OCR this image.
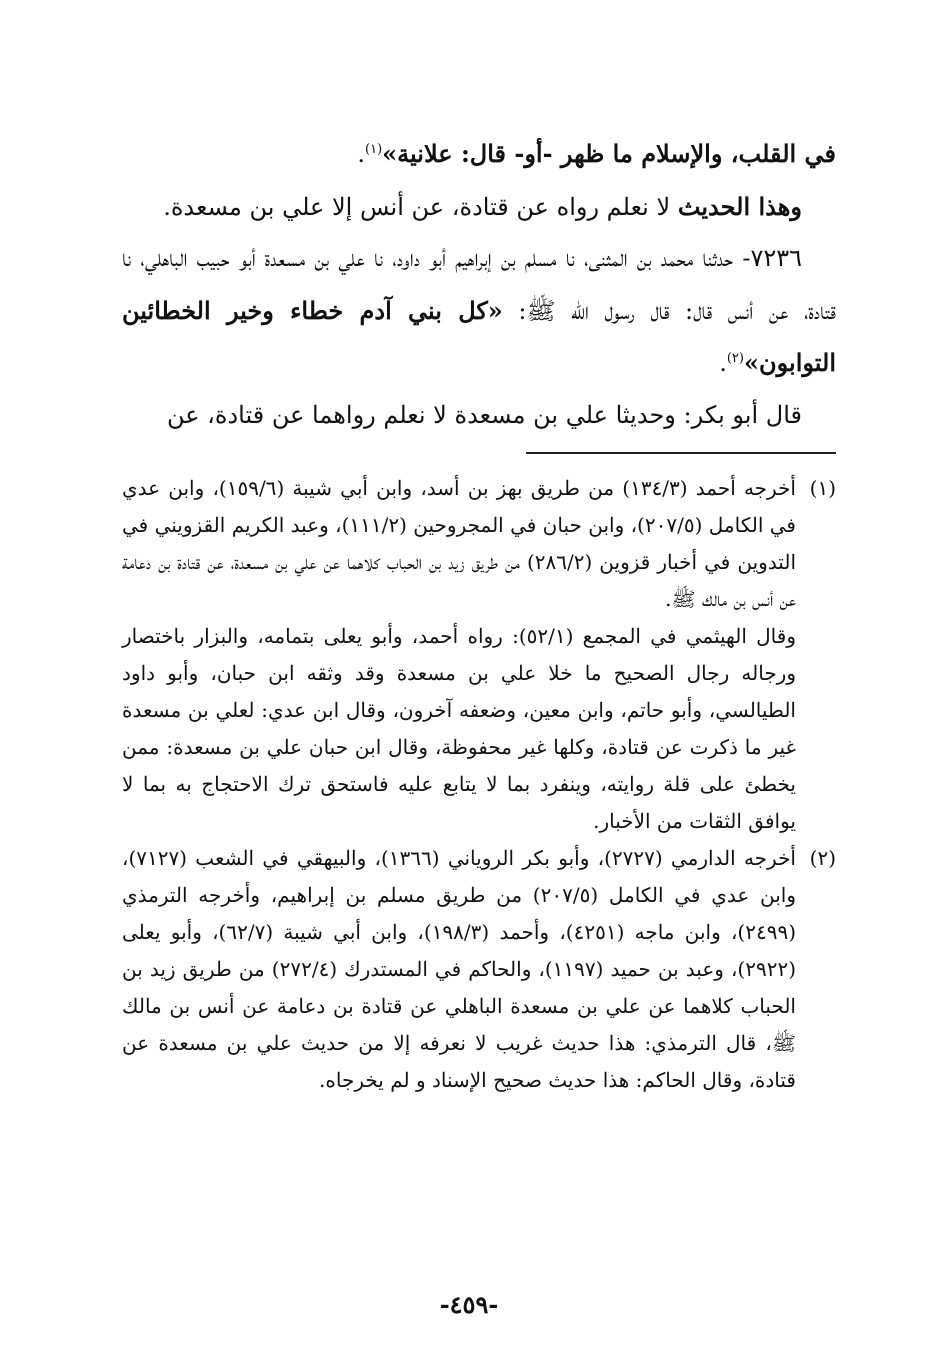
في القلب، والإسلام ما ظهر -أو- قال: علانية»$^{(١)}$.

وهذا الحديث لا نعلم رواه عن قتادة، عن أنس إلا علي بن مسعدة.

٧٢٣٦- حدثنا محمد بن المثنى، نا مسلم بن إبراهيم أبو داود، نا علي بن مسعدة أبو حبيب الباهلي، نا قتادة، عن أنس قال: قال رسول الله ﷺ: «كل بني آدم خطاء وخير الخطائين التوابون»$^{(٢)}$.

قال أبو بكر: وحديثا علي بن مسعدة لا نعلم رواهما عن قتادة، عن

(١)
أخرجه أحمد (١٣٤/٣) من طريق بهز بن أسد، وابن أبي شيبة (١٥٩/٦)، وابن عدي في الكامل (٢٠٧/٥)، وابن حبان في المجروحين (١١١/٢)، وعبد الكريم القزويني في التدوين في أخبار قزوين (٢٨٦/٢) من طريق زيد بن الحباب كلاهما عن علي بن مسعدة، عن قتادة بن دعامة عن أنس بن مالك ﷺ.

وقال الهيثمي في المجمع (٥٢/١): رواه أحمد، وأبو يعلى بتمامه، والبزار باختصار ورجاله رجال الصحيح ما خلا علي بن مسعدة وقد وثقه ابن حبان، وأبو داود الطيالسي، وأبو حاتم، وابن معين، وضعفه آخرون، وقال ابن عدي: لعلي بن مسعدة غير ما ذكرت عن قتادة، وكلها غير محفوظة، وقال ابن حبان علي بن مسعدة: ممن يخطئ على قلة روايته، وينفرد بما لا يتابع عليه فاستحق ترك الاحتجاج به بما لا يوافق الثقات من الأخبار.

(٢)
أخرجه الدارمي (٢٧٢٧)، وأبو بكر الروياني (١٣٦٦)، والبيهقي في الشعب (٧١٢٧)، وابن عدي في الكامل (٢٠٧/٥) من طريق مسلم بن إبراهيم، وأخرجه الترمذي (٢٤٩٩)، وابن ماجه (٤٢٥١)، وأحمد (١٩٨/٣)، وابن أبي شيبة (٦٢/٧)، وأبو يعلى (٢٩٢٢)، وعبد بن حميد (١١٩٧)، والحاكم في المستدرك (٢٧٢/٤) من طريق زيد بن الحباب كلاهما عن علي بن مسعدة الباهلي عن قتادة بن دعامة عن أنس بن مالك ﷺ، قال الترمذي: هذا حديث غريب لا نعرفه إلا من حديث علي بن مسعدة عن قتادة، وقال الحاكم: هذا حديث صحيح الإسناد و لم يخرجاه.
-٤٥٩-
